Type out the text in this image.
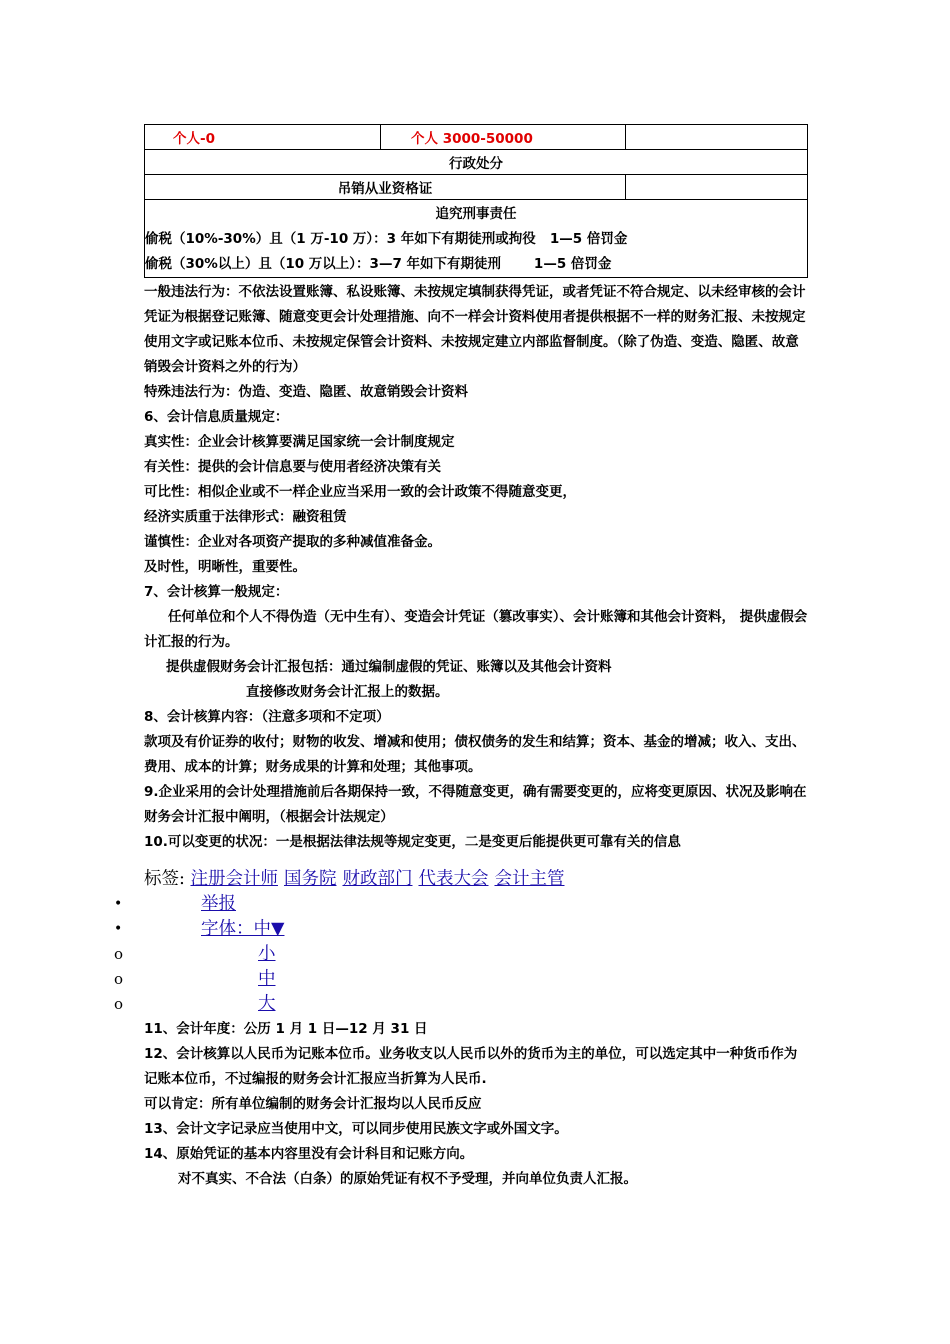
个人-0	个人 3000-50000	
行政处分		
吊销从业资格证		

追究刑事责任
偷税（10%-30%）且（1 万-10 万）：3 年如下有期徒刑或拘役   1—5 倍罚金
偷税（30%以上）且（10 万以上）：3—7 年如下有期徒刑       1—5 倍罚金		
一般违法行为：不依法设置账簿、私设账簿、未按规定填制获得凭证，或者凭证不符合规定、以未经审核的会计凭证为根据登记账簿、随意变更会计处理措施、向不一样会计资料使用者提供根据不一样的财务汇报、未按规定使用文字或记账本位币、未按规定保管会计资料、未按规定建立内部监督制度。（除了伪造、变造、隐匿、故意销毁会计资料之外的行为）
特殊违法行为：伪造、变造、隐匿、故意销毁会计资料
6、会计信息质量规定：
真实性：企业会计核算要满足国家统一会计制度规定
有关性：提供的会计信息要与使用者经济决策有关
可比性：相似企业或不一样企业应当采用一致的会计政策不得随意变更，
经济实质重于法律形式：融资租赁
谨慎性：企业对各项资产提取的多种减值准备金。
及时性，明晰性，重要性。
7、会计核算一般规定：
任何单位和个人不得伪造（无中生有）、变造会计凭证（篡改事实）、会计账簿和其他会计资料， 提供虚假会计汇报的行为。
提供虚假财务会计汇报包括：通过编制虚假的凭证、账簿以及其他会计资料
直接修改财务会计汇报上的数据。
8、会计核算内容：（注意多项和不定项）
款项及有价证券的收付；财物的收发、增减和使用；债权债务的发生和结算；资本、基金的增减；收入、支出、费用、成本的计算；财务成果的计算和处理；其他事项。
9.企业采用的会计处理措施前后各期保持一致，不得随意变更，确有需要变更的，应将变更原因、状况及影响在财务会计汇报中阐明，（根据会计法规定）
10.可以变更的状况：一是根据法律法规等规定变更，二是变更后能提供更可靠有关的信息
标签: 注册会计师 国务院 财政部门 代表大会 会计主管
•	举报
•	字体：中▼
o	小
o	中
o	大
11、会计年度：公历 1 月 1 日—12 月 31 日
12、会计核算以人民币为记账本位币。业务收支以人民币以外的货币为主的单位，可以选定其中一种货币作为记账本位币，不过编报的财务会计汇报应当折算为人民币.
可以肯定：所有单位编制的财务会计汇报均以人民币反应
13、会计文字记录应当使用中文，可以同步使用民族文字或外国文字。
14、原始凭证的基本内容里没有会计科目和记账方向。
对不真实、不合法（白条）的原始凭证有权不予受理，并向单位负责人汇报。
